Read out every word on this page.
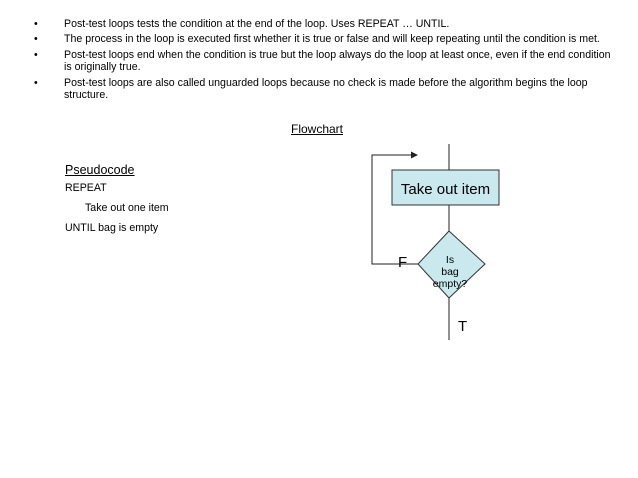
• Post-test loops tests the condition at the end of the loop. Uses REPEAT … UNTIL.
• The process in the loop is executed first whether it is true or false and will keep repeating until the condition is met.
• Post-test loops end when the condition is true but the loop always do the loop at least once, even if the end condition is originally true.
• Post-test loops are also called unguarded loops because no check is made before the algorithm begins the loop structure.
Flowchart
Pseudocode
REPEAT
Take out one item
UNTIL bag is empty
Take out item
Is
bag
empty?
F
T
